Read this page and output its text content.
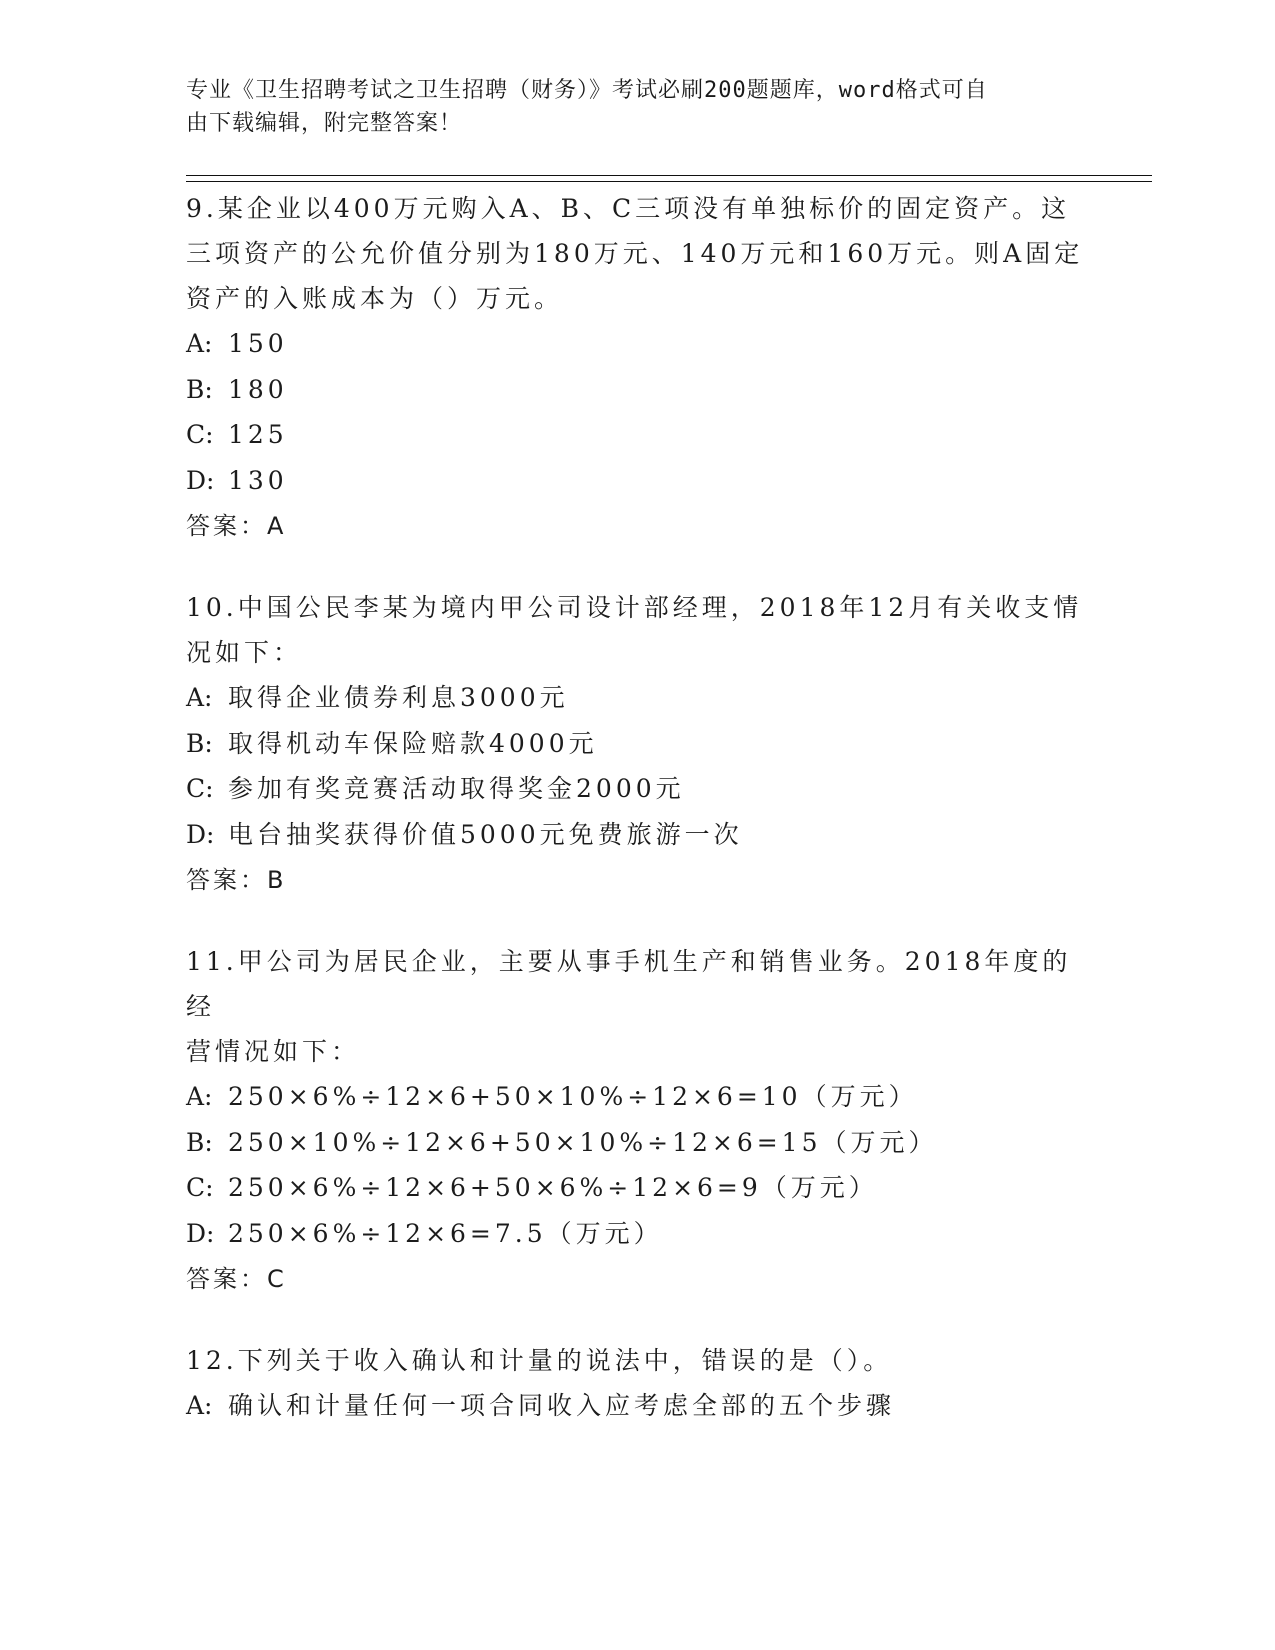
专业《卫生招聘考试之卫生招聘（财务）》考试必刷200题题库，word格式可自
由下载编辑，附完整答案！

9.某企业以400万元购入A、B、C三项没有单独标价的固定资产。这

三项资产的公允价值分别为180万元、140万元和160万元。则A固定

资产的入账成本为（）万元。

A: 150

B: 180

C: 125

D: 130

答案：A

10.中国公民李某为境内甲公司设计部经理，2018年12月有关收支情

况如下：

A: 取得企业债券利息3000元

B: 取得机动车保险赔款4000元

C: 参加有奖竞赛活动取得奖金2000元

D: 电台抽奖获得价值5000元免费旅游一次

答案：B

11.甲公司为居民企业，主要从事手机生产和销售业务。2018年度的经

营情况如下：

A: 250×6%÷12×6+50×10%÷12×6=10（万元）

B: 250×10%÷12×6+50×10%÷12×6=15（万元）

C: 250×6%÷12×6+50×6%÷12×6=9（万元）

D: 250×6%÷12×6=7.5（万元）

答案：C

12.下列关于收入确认和计量的说法中，错误的是（）。

A: 确认和计量任何一项合同收入应考虑全部的五个步骤
